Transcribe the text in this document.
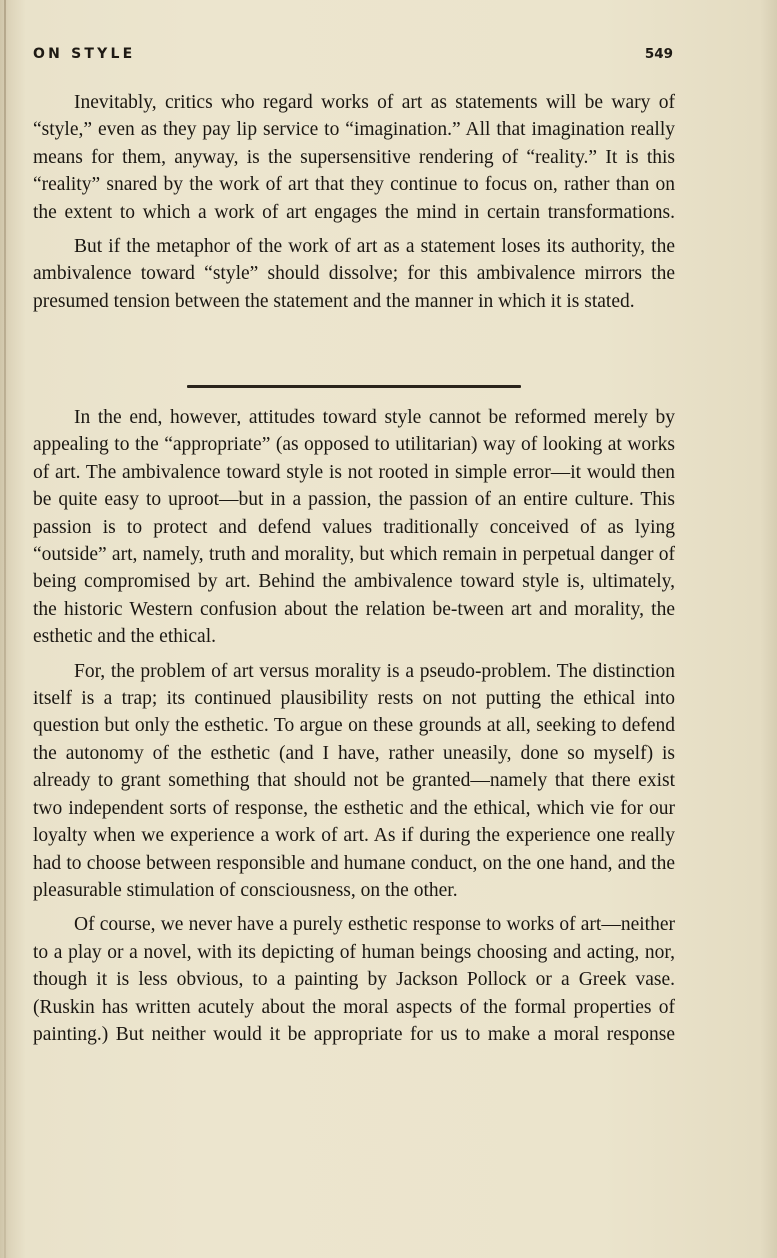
ON STYLE	549

Inevitably, critics who regard works of art as statements will be wary of “style,” even as they pay lip service to “imagination.” All that imagination really means for them, anyway, is the supersensitive rendering of “reality.” It is this “reality” snared by the work of art that they continue to focus on, rather than on the extent to which a work of art engages the mind in certain transformations.

But if the metaphor of the work of art as a statement loses its authority, the ambivalence toward “style” should dissolve; for this ambivalence mirrors the presumed tension between the statement and the manner in which it is stated.

In the end, however, attitudes toward style cannot be reformed merely by appealing to the “appropriate” (as opposed to utilitarian) way of looking at works of art. The ambivalence toward style is not rooted in simple error—it would then be quite easy to uproot—but in a passion, the passion of an entire culture. This passion is to protect and defend values traditionally conceived of as lying “outside” art, namely, truth and morality, but which remain in perpetual danger of being compromised by art. Behind the ambivalence toward style is, ultimately, the historic Western confusion about the relation be-tween art and morality, the esthetic and the ethical.

For, the problem of art versus morality is a pseudo-problem. The distinction itself is a trap; its continued plausibility rests on not putting the ethical into question but only the esthetic. To argue on these grounds at all, seeking to defend the autonomy of the esthetic (and I have, rather uneasily, done so myself) is already to grant something that should not be granted—namely that there exist two independent sorts of response, the esthetic and the ethical, which vie for our loyalty when we experience a work of art. As if during the experience one really had to choose between responsible and humane conduct, on the one hand, and the pleasurable stimulation of consciousness, on the other.

Of course, we never have a purely esthetic response to works of art—neither to a play or a novel, with its depicting of human beings choosing and acting, nor, though it is less obvious, to a painting by Jackson Pollock or a Greek vase. (Ruskin has written acutely about the moral aspects of the formal properties of painting.) But neither would it be appropriate for us to make a moral response
